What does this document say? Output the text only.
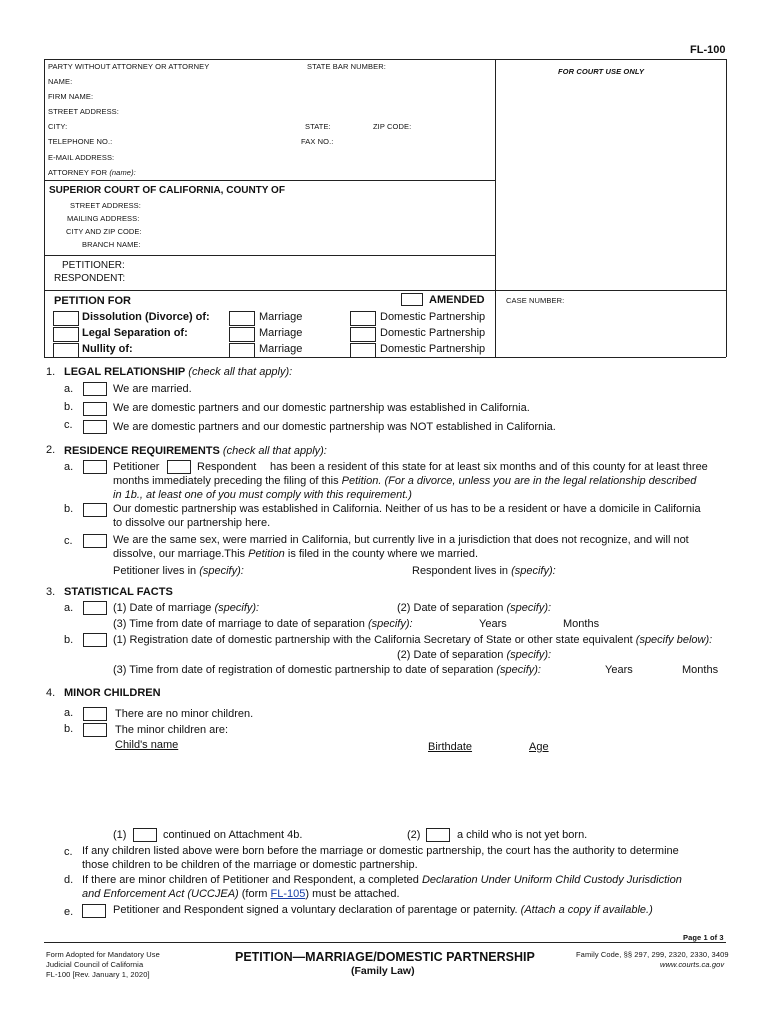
FL-100
PARTY WITHOUT ATTORNEY OR ATTORNEY	STATE BAR NUMBER:
FOR COURT USE ONLY
NAME:
FIRM NAME:
STREET ADDRESS:
CITY:	STATE:	ZIP CODE:
TELEPHONE NO.:	FAX NO.:
E-MAIL ADDRESS:
ATTORNEY FOR (name):
SUPERIOR COURT OF CALIFORNIA, COUNTY OF
STREET ADDRESS:
MAILING ADDRESS:
CITY AND ZIP CODE:
BRANCH NAME:
PETITIONER:
RESPONDENT:
PETITION FOR	AMENDED	CASE NUMBER:
Dissolution (Divorce) of:	Marriage	Domestic Partnership
Legal Separation of:	Marriage	Domestic Partnership
Nullity of:	Marriage	Domestic Partnership
1. LEGAL RELATIONSHIP (check all that apply):
a.	We are married.
b.	We are domestic partners and our domestic partnership was established in California.
c.	We are domestic partners and our domestic partnership was NOT established in California.
2. RESIDENCE REQUIREMENTS (check all that apply):
a.	Petitioner	Respondent has been a resident of this state for at least six months and of this county for at least three
months immediately preceding the filing of this Petition. (For a divorce, unless you are in the legal relationship described
in 1b., at least one of you must comply with this requirement.)
b.	Our domestic partnership was established in California. Neither of us has to be a resident or have a domicile in California
to dissolve our partnership here.
c.	We are the same sex, were married in California, but currently live in a jurisdiction that does not recognize, and will not
dissolve, our marriage.This Petition is filed in the county where we married.
Petitioner lives in (specify):	Respondent lives in (specify):
3. STATISTICAL FACTS
a.	(1) Date of marriage (specify):	(2) Date of separation (specify):
(3) Time from date of marriage to date of separation (specify):	Years	Months
b.	(1) Registration date of domestic partnership with the California Secretary of State or other state equivalent (specify below):
(2) Date of separation (specify):
(3) Time from date of registration of domestic partnership to date of separation (specify):	Years	Months
4. MINOR CHILDREN
a.	There are no minor children.
b.	The minor children are:
Child's name	Birthdate	Age
(1)	continued on Attachment 4b.	(2)	a child who is not yet born.
c. If any children listed above were born before the marriage or domestic partnership, the court has the authority to determine
those children to be children of the marriage or domestic partnership.
d. If there are minor children of Petitioner and Respondent, a completed Declaration Under Uniform Child Custody Jurisdiction
and Enforcement Act (UCCJEA) (form FL-105) must be attached.
e.	Petitioner and Respondent signed a voluntary declaration of parentage or paternity. (Attach a copy if available.)
Page 1 of 3
Form Adopted for Mandatory Use
Judicial Council of California
FL-100 [Rev. January 1, 2020]
PETITION—MARRIAGE/DOMESTIC PARTNERSHIP
(Family Law)
Family Code, §§ 297, 299, 2320, 2330, 3409
www.courts.ca.gov
